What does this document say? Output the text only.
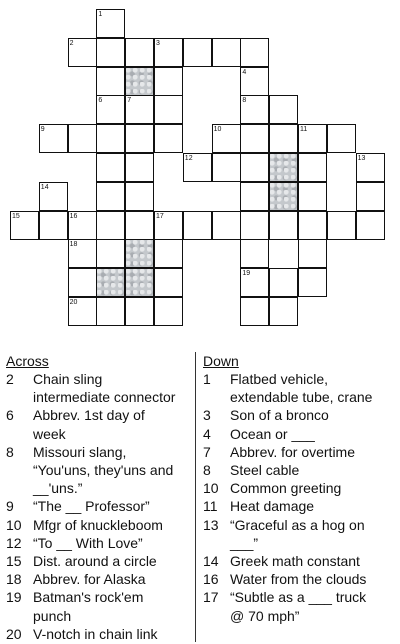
1
2	3
4
6	7	8
9	10	11
12	13
14
15	16	17
18
19
20
Across
2	Chain sling
intermediate connector
6	Abbrev. 1st day of
week
8	Missouri slang,
“You'uns, they'uns and
__'uns.”
9	“The __ Professor”
10 Mfgr of knuckleboom
12 “To __ With Love”
15 Dist. around a circle
18 Abbrev. for Alaska
19 Batman's rock'em
punch
20 V-notch in chain link
Down
1	Flatbed vehicle,
extendable tube, crane
3	Son of a bronco
4	Ocean or ___
7	Abbrev. for overtime
8	Steel cable
10 Common greeting
11 Heat damage
13 “Graceful as a hog on
___”
14 Greek math constant
16 Water from the clouds
17 “Subtle as a ___ truck
@ 70 mph”
